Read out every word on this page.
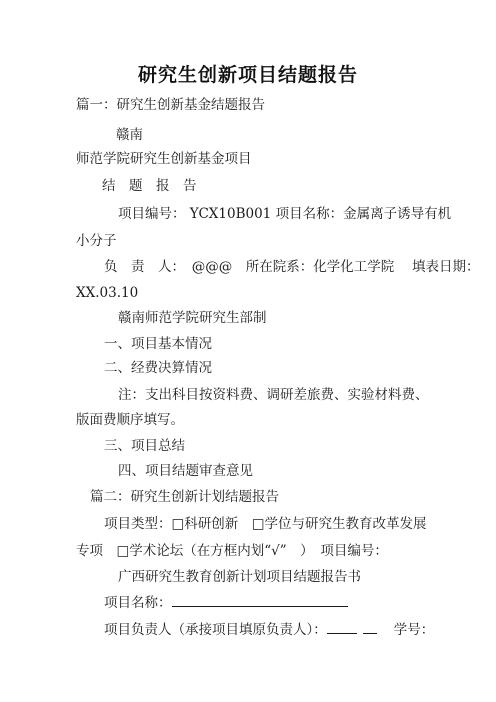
研究生创新项目结题报告
篇一：研究生创新基金结题报告
赣南
师范学院研究生创新基金项目
结　题　报　告
项目编号： YCX10B001 项目名称：金属离子诱导有机
小分子
负　责　人：　@@@　所在院系：化学化工学院　 填表日期：
XX.03.10
赣南师范学院研究生部制
一、项目基本情况
二、经费决算情况
注：支出科目按资料费、调研差旅费、实验材料费、
版面费顺序填写。
三、项目总结
四、项目结题审查意见
篇二：研究生创新计划结题报告
项目类型：□科研创新　□学位与研究生教育改革发展
专项　□学术论坛（在方框内划“√”　）　项目编号：
广西研究生教育创新计划项目结题报告书
项目名称：
项目负责人（承接项目填原负责人）：	学号：
